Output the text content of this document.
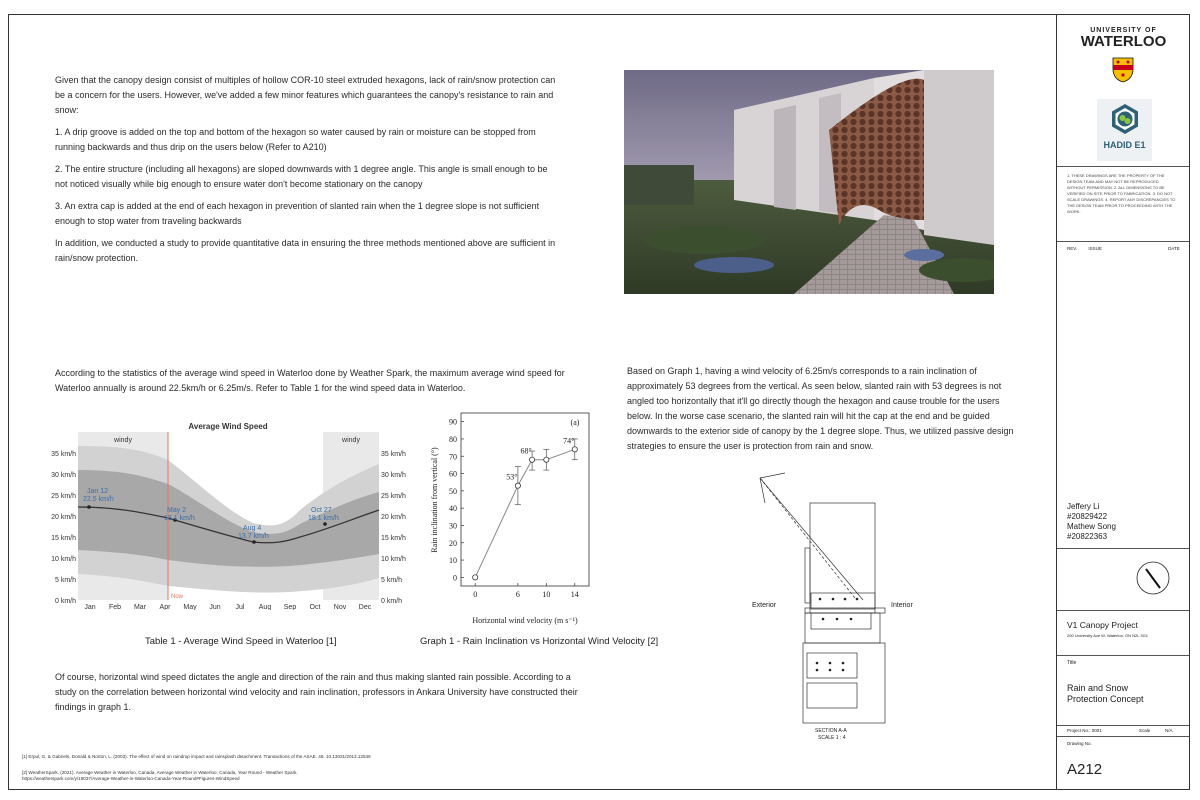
Given that the canopy design consist of multiples of hollow COR-10 steel extruded hexagons, lack of rain/snow protection can be a concern for the users. However, we've added a few minor features which guarantees the canopy's resistance to rain and snow:

1. A drip groove is added on the top and bottom of the hexagon so water caused by rain or moisture can be stopped from running backwards and thus drip on the users below (Refer to A210)

2. The entire structure (including all hexagons) are sloped downwards with 1 degree angle. This angle is small enough to be not noticed visually while big enough to ensure water don't become stationary on the canopy

3. An extra cap is added at the end of each hexagon in prevention of slanted rain when the 1 degree slope is not sufficient enough to stop water from traveling backwards

In addition, we conducted a study to provide quantitative data in ensuring the three methods mentioned above are sufficient in rain/snow protection.

According to the statistics of the average wind speed in Waterloo done by Weather Spark, the maximum average wind speed for Waterloo annually is around 22.5km/h or 6.25m/s. Refer to Table 1 for the wind speed data in Waterloo.
Based on Graph 1, having a wind velocity of 6.25m/s corresponds to a rain inclination of approximately 53 degrees from the vertical. As seen below, slanted rain with 53 degrees is not angled too horizontally that it'll go directly though the hexagon and cause trouble for the users below. In the worse case scenario, the slanted rain will hit the cap at the end and be guided downwards to the exterior side of canopy by the 1 degree slope. Thus, we utilized passive design strategies to ensure the user is protection from rain and snow.
Average Wind Speed
windy	windy
Now
Jan 12
22.5 km/h
May 2
18.1 km/h
Aug 4
13.7 km/h
Oct 27
18.1 km/h
35 km/h
30 km/h
25 km/h
20 km/h
15 km/h
10 km/h
5 km/h
0 km/h
35 km/h
30 km/h
25 km/h
20 km/h
15 km/h
10 km/h
5 km/h
0 km/h
Jan Feb Mar Apr May Jun Jul Aug Sep Oct Nov Dec
(a)
Rain inclination from vertical (°)
Horizontal wind velocity (m s⁻¹)
0
10
20
30
40
50
60
70
80
90
0	6	10	14
53°
68°
74°
Table 1 - Average Wind Speed in Waterloo [1]	Graph 1 - Rain Inclination vs Horizontal Wind Velocity [2]
Of course, horizontal wind speed dictates the angle and direction of the rain and thus making slanted rain possible. According to a study on the correlation between horizontal wind velocity and rain inclination, professors in Ankara University have constructed their findings in graph 1.
[1] Erpul, G. & Gabriels, Donald & Norton, L. (2003). The effect of wind on raindrop impact and rainsplash detachment. Transactions of the ASAE. 46. 10.13031/2013.12546
[2] WeatherSpark. (2021). Average Weather in Waterloo, Canada, Average Weather in Waterloo, Canada, Year Round - Weather Spark.
https://weatherspark.com/y/19037/Average-Weather-in-Waterloo-Canada-Year-Round#Figures-WindSpeed
Exterior	Interior
SECTION A-A
SCALE 1 : 4
UNIVERSITY OF
WATERLOO
HADID E1
1. THESE DRAWINGS ARE THE PROPERTY OF THE DESIGN TEAM AND MAY NOT BE REPRODUCED WITHOUT PERMISSION. 2. ALL DIMENSIONS TO BE VERIFIED ON SITE PRIOR TO FABRICATION. 3. DO NOT SCALE DRAWINGS. 4. REPORT ANY DISCREPANCIES TO THE DESIGN TEAM PRIOR TO PROCEEDING WITH THE WORK.
REV.	ISSUE	DATE
Jeffery Li
#20829422
Mathew Song
#20822363
V1 Canopy Project
200 University Ave W, Waterloo, ON N2L 3G1
Title
Rain and Snow
Protection Concept
Project No.: 0001	Scale	N/A
Drawing No.
A212
